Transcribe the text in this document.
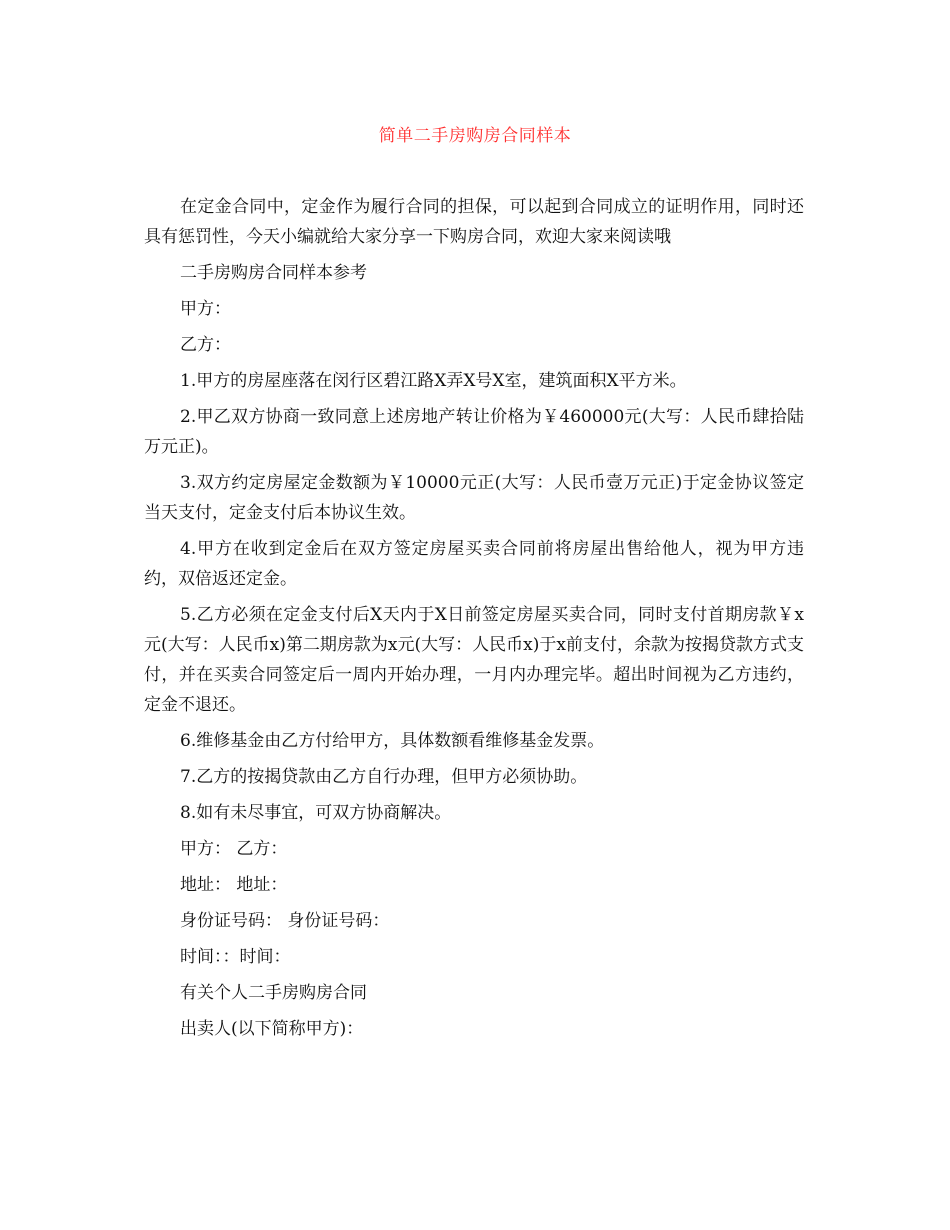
简单二手房购房合同样本

在定金合同中，定金作为履行合同的担保，可以起到合同成立的证明作用，同时还具有惩罚性，今天小编就给大家分享一下购房合同，欢迎大家来阅读哦

二手房购房合同样本参考

甲方：

乙方：

1.甲方的房屋座落在闵行区碧江路X弄X号X室，建筑面积X平方米。

2.甲乙双方协商一致同意上述房地产转让价格为￥460000元(大写：人民币肆拾陆万元正)。

3.双方约定房屋定金数额为￥10000元正(大写：人民币壹万元正)于定金协议签定当天支付，定金支付后本协议生效。

4.甲方在收到定金后在双方签定房屋买卖合同前将房屋出售给他人，视为甲方违约，双倍返还定金。

5.乙方必须在定金支付后X天内于X日前签定房屋买卖合同，同时支付首期房款￥x元(大写：人民币x)第二期房款为x元(大写：人民币x)于x前支付，余款为按揭贷款方式支付，并在买卖合同签定后一周内开始办理，一月内办理完毕。超出时间视为乙方违约，定金不退还。

6.维修基金由乙方付给甲方，具体数额看维修基金发票。

7.乙方的按揭贷款由乙方自行办理，但甲方必须协助。

8.如有未尽事宜，可双方协商解决。

甲方： 乙方：

地址： 地址：

身份证号码： 身份证号码：

时间：：时间：

有关个人二手房购房合同

出卖人(以下简称甲方)：
